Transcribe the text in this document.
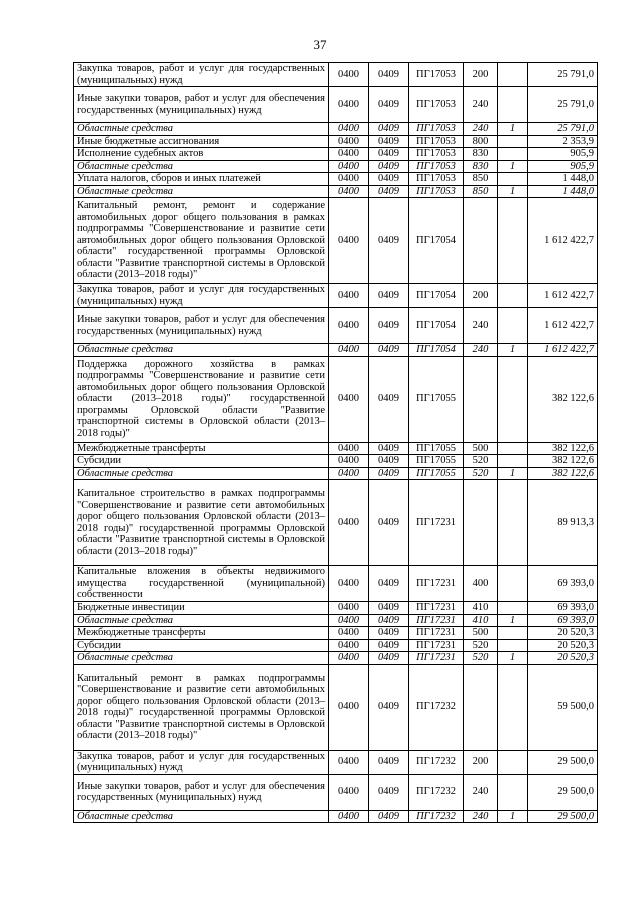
37
Закупка товаров, работ и услуг для государственных (муниципальных) нужд	0400	0409	ПГ17053	200		25 791,0
Иные закупки товаров, работ и услуг для обеспечения государственных (муниципальных) нужд	0400	0409	ПГ17053	240		25 791,0
Областные средства	0400	0409	ПГ17053	240	1	25 791,0
Иные бюджетные ассигнования	0400	0409	ПГ17053	800		2 353,9
Исполнение судебных актов	0400	0409	ПГ17053	830		905,9
Областные средства	0400	0409	ПГ17053	830	1	905,9
Уплата налогов, сборов и иных платежей	0400	0409	ПГ17053	850		1 448,0
Областные средства	0400	0409	ПГ17053	850	1	1 448,0
Капитальный ремонт, ремонт и содержание автомобильных дорог общего пользования в рамках подпрограммы "Совершенствование и развитие сети автомобильных дорог общего пользования Орловской области" государственной программы Орловской области "Развитие транспортной системы в Орловской области (2013–2018 годы)"	0400	0409	ПГ17054			1 612 422,7
Закупка товаров, работ и услуг для государственных (муниципальных) нужд	0400	0409	ПГ17054	200		1 612 422,7
Иные закупки товаров, работ и услуг для обеспечения государственных (муниципальных) нужд	0400	0409	ПГ17054	240		1 612 422,7
Областные средства	0400	0409	ПГ17054	240	1	1 612 422,7
Поддержка дорожного хозяйства в рамках подпрограммы "Совершенствование и развитие сети автомобильных дорог общего пользования Орловской области (2013–2018 годы)" государственной программы Орловской области "Развитие транспортной системы в Орловской области (2013–2018 годы)"	0400	0409	ПГ17055			382 122,6
Межбюджетные трансферты	0400	0409	ПГ17055	500		382 122,6
Субсидии	0400	0409	ПГ17055	520		382 122,6
Областные средства	0400	0409	ПГ17055	520	1	382 122,6
Капитальное строительство в рамках подпрограммы "Совершенствование и развитие сети автомобильных дорог общего пользования Орловской области (2013–2018 годы)" государственной программы Орловской области "Развитие транспортной системы в Орловской области (2013–2018 годы)"	0400	0409	ПГ17231			89 913,3
Капитальные вложения в объекты недвижимого имущества государственной (муниципальной) собственности	0400	0409	ПГ17231	400		69 393,0
Бюджетные инвестиции	0400	0409	ПГ17231	410		69 393,0
Областные средства	0400	0409	ПГ17231	410	1	69 393,0
Межбюджетные трансферты	0400	0409	ПГ17231	500		20 520,3
Субсидии	0400	0409	ПГ17231	520		20 520,3
Областные средства	0400	0409	ПГ17231	520	1	20 520,3
Капитальный ремонт в рамках подпрограммы "Совершенствование и развитие сети автомобильных дорог общего пользования Орловской области (2013–2018 годы)" государственной программы Орловской области "Развитие транспортной системы в Орловской области (2013–2018 годы)"	0400	0409	ПГ17232			59 500,0
Закупка товаров, работ и услуг для государственных (муниципальных) нужд	0400	0409	ПГ17232	200		29 500,0
Иные закупки товаров, работ и услуг для обеспечения государственных (муниципальных) нужд	0400	0409	ПГ17232	240		29 500,0
Областные средства	0400	0409	ПГ17232	240	1	29 500,0
